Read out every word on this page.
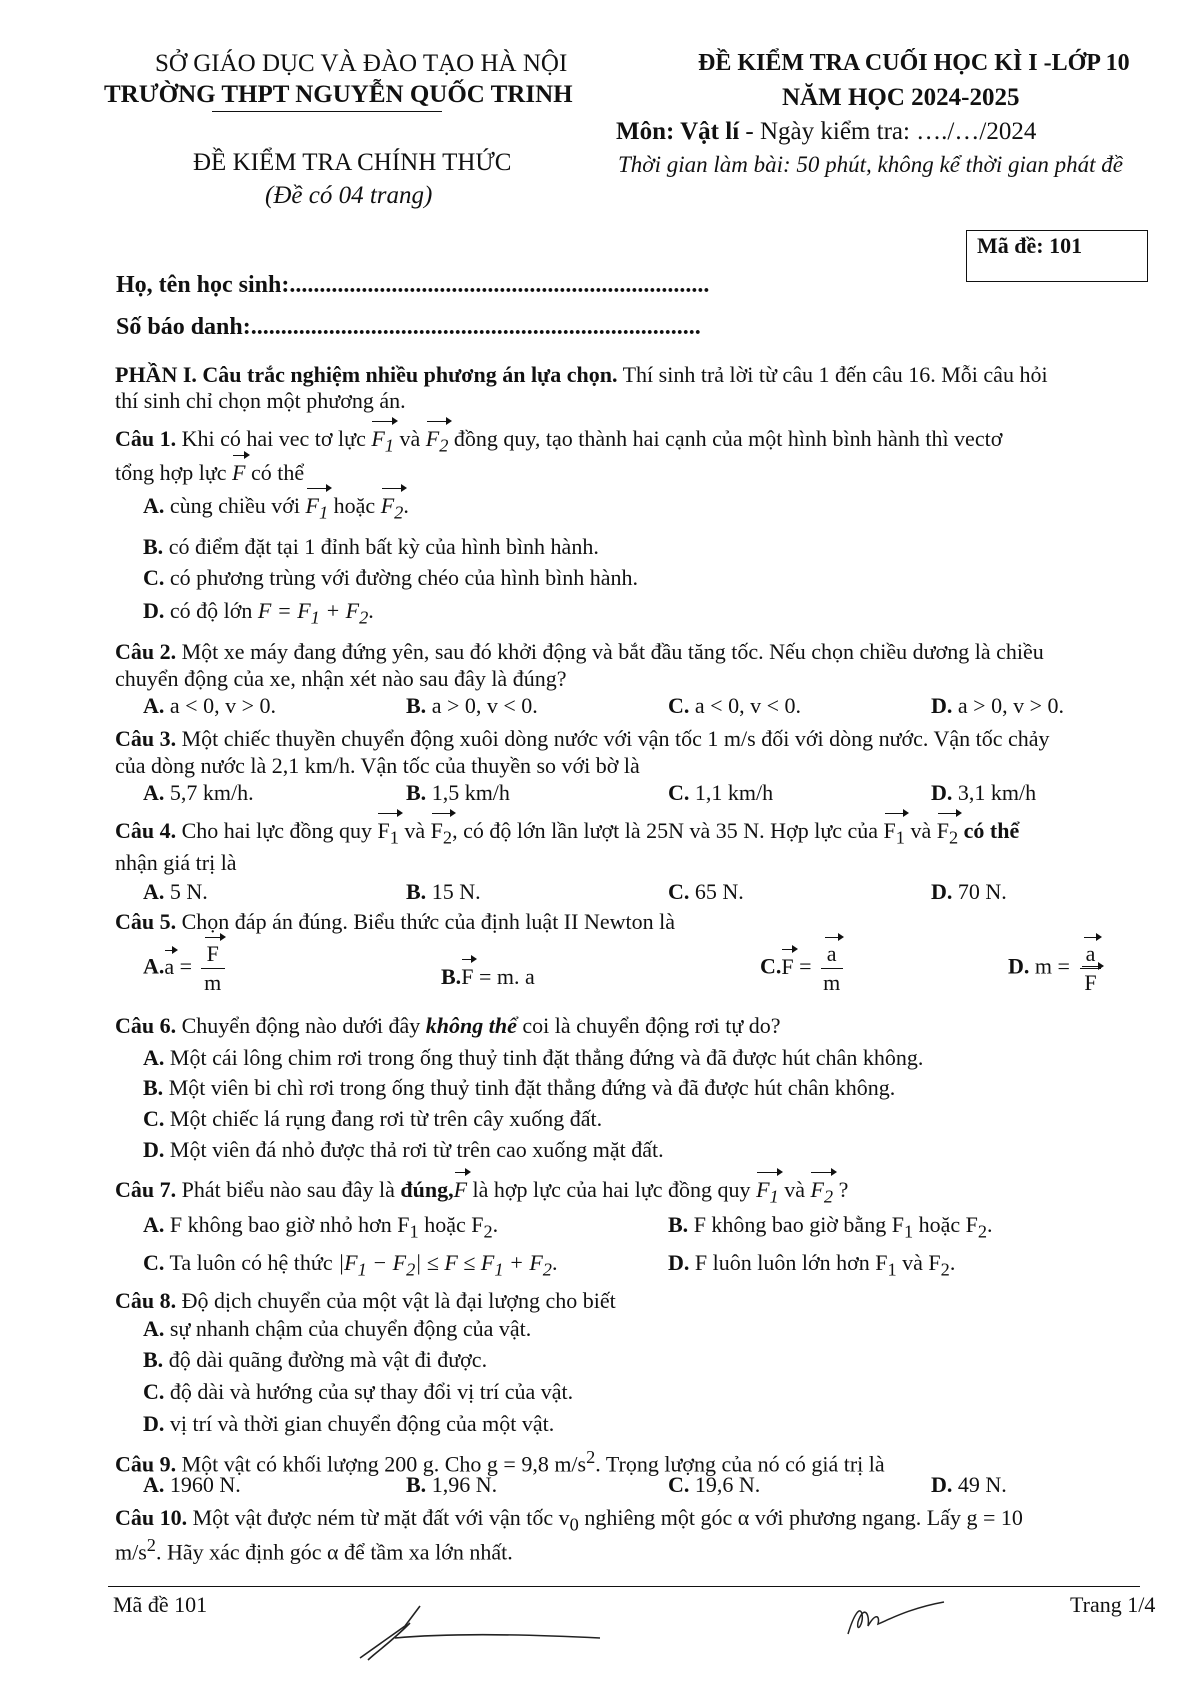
SỞ GIÁO DỤC VÀ ĐÀO TẠO HÀ NỘI
TRƯỜNG THPT NGUYỄN QUỐC TRINH
ĐỀ KIỂM TRA CHÍNH THỨC
(Đề có 04 trang)
ĐỀ KIỂM TRA CUỐI HỌC KÌ I -LỚP 10
NĂM HỌC 2024-2025
Môn: Vật lí - Ngày kiểm tra: …./…/2024
Thời gian làm bài: 50 phút, không kể thời gian phát đề
Mã đề: 101
Họ, tên học sinh:......................................................................
Số báo danh:...........................................................................
PHẦN I. Câu trắc nghiệm nhiều phương án lựa chọn. Thí sinh trả lời từ câu 1 đến câu 16. Mỗi câu hỏi
thí sinh chỉ chọn một phương án.
Câu 1. Khi có hai vec tơ lực $F_1$ và $F_2$ đồng quy, tạo thành hai cạnh của một hình bình hành thì vectơ
tổng hợp lực F có thể
A. cùng chiều với $F_1$ hoặc $F_2$.
B. có điểm đặt tại 1 đỉnh bất kỳ của hình bình hành.
C. có phương trùng với đường chéo của hình bình hành.
D. có độ lớn $F = F_1 + F_2$.
Câu 2. Một xe máy đang đứng yên, sau đó khởi động và bắt đầu tăng tốc. Nếu chọn chiều dương là chiều
chuyển động của xe, nhận xét nào sau đây là đúng?
A. a < 0, v > 0.	B. a > 0, v < 0.	C. a < 0, v < 0.	D. a > 0, v > 0.
Câu 3. Một chiếc thuyền chuyển động xuôi dòng nước với vận tốc 1 m/s đối với dòng nước. Vận tốc chảy
của dòng nước là 2,1 km/h. Vận tốc của thuyền so với bờ là
A. 5,7 km/h.	B. 1,5 km/h	C. 1,1 km/h	D. 3,1 km/h
Câu 4. Cho hai lực đồng quy $F_1$ và $F_2$, có độ lớn lần lượt là 25N và 35 N. Hợp lực của $F_1$ và $F_2$ có thể
nhận giá trị là
A. 5 N.	B. 15 N.	C. 65 N.	D. 70 N.
Câu 5. Chọn đáp án đúng. Biểu thức của định luật II Newton là
$A.a = \frac{F}{m}$	B.F = m. a	$C.F = \frac{a}{m}$	D. $m = \frac{a}{F}$
Câu 6. Chuyển động nào dưới đây không thể coi là chuyển động rơi tự do?
A. Một cái lông chim rơi trong ống thuỷ tinh đặt thẳng đứng và đã được hút chân không.
B. Một viên bi chì rơi trong ống thuỷ tinh đặt thẳng đứng và đã được hút chân không.
C. Một chiếc lá rụng đang rơi từ trên cây xuống đất.
D. Một viên đá nhỏ được thả rơi từ trên cao xuống mặt đất.
Câu 7. Phát biểu nào sau đây là đúng,F là hợp lực của hai lực đồng quy $F_1$ và $F_2$ ?
A. F không bao giờ nhỏ hơn $F_1$ hoặc $F_2$.	B. F không bao giờ bằng $F_1$ hoặc $F_2$.
C. Ta luôn có hệ thức $|F_1 - F_2| \le F \le F_1 + F_2$.	D. F luôn luôn lớn hơn $F_1$ và $F_2$.
Câu 8. Độ dịch chuyển của một vật là đại lượng cho biết
A. sự nhanh chậm của chuyển động của vật.
B. độ dài quãng đường mà vật đi được.
C. độ dài và hướng của sự thay đổi vị trí của vật.
D. vị trí và thời gian chuyển động của một vật.
Câu 9. Một vật có khối lượng 200 g. Cho g = 9,8 $m/s^2$. Trọng lượng của nó có giá trị là
A. 1960 N.	B. 1,96 N.	C. 19,6 N.	D. 49 N.
Câu 10. Một vật được ném từ mặt đất với vận tốc $v_0$ nghiêng một góc α với phương ngang. Lấy g = 10
$m/s^2$. Hãy xác định góc α để tầm xa lớn nhất.
Mã đề 101	Trang 1/4
